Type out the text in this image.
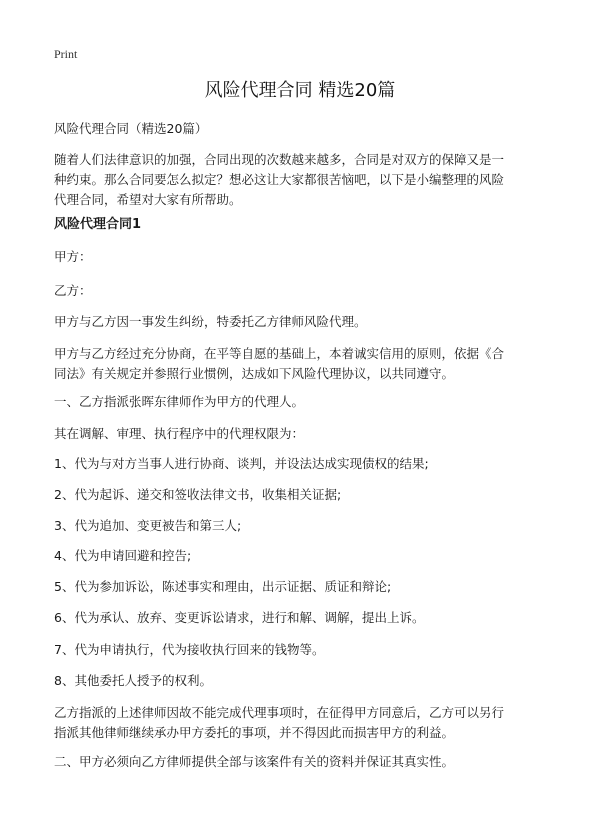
Print
风险代理合同 精选20篇

风险代理合同（精选20篇）

随着人们法律意识的加强，合同出现的次数越来越多，合同是对双方的保障又是一
种约束。那么合同要怎么拟定？想必这让大家都很苦恼吧，以下是小编整理的风险
代理合同，希望对大家有所帮助。

风险代理合同1

甲方：

乙方：

甲方与乙方因一事发生纠纷，特委托乙方律师风险代理。

甲方与乙方经过充分协商，在平等自愿的基础上，本着诚实信用的原则，依据《合
同法》有关规定并参照行业惯例，达成如下风险代理协议，以共同遵守。

一、乙方指派张晖东律师作为甲方的代理人。

其在调解、审理、执行程序中的代理权限为：

1、代为与对方当事人进行协商、谈判，并设法达成实现债权的结果;

2、代为起诉、递交和签收法律文书，收集相关证据;

3、代为追加、变更被告和第三人;

4、代为申请回避和控告;

5、代为参加诉讼，陈述事实和理由，出示证据、质证和辩论;

6、代为承认、放弃、变更诉讼请求，进行和解、调解，提出上诉。

7、代为申请执行，代为接收执行回来的钱物等。

8、其他委托人授予的权利。

乙方指派的上述律师因故不能完成代理事项时，在征得甲方同意后，乙方可以另行
指派其他律师继续承办甲方委托的事项，并不得因此而损害甲方的利益。

二、甲方必须向乙方律师提供全部与该案件有关的资料并保证其真实性。
